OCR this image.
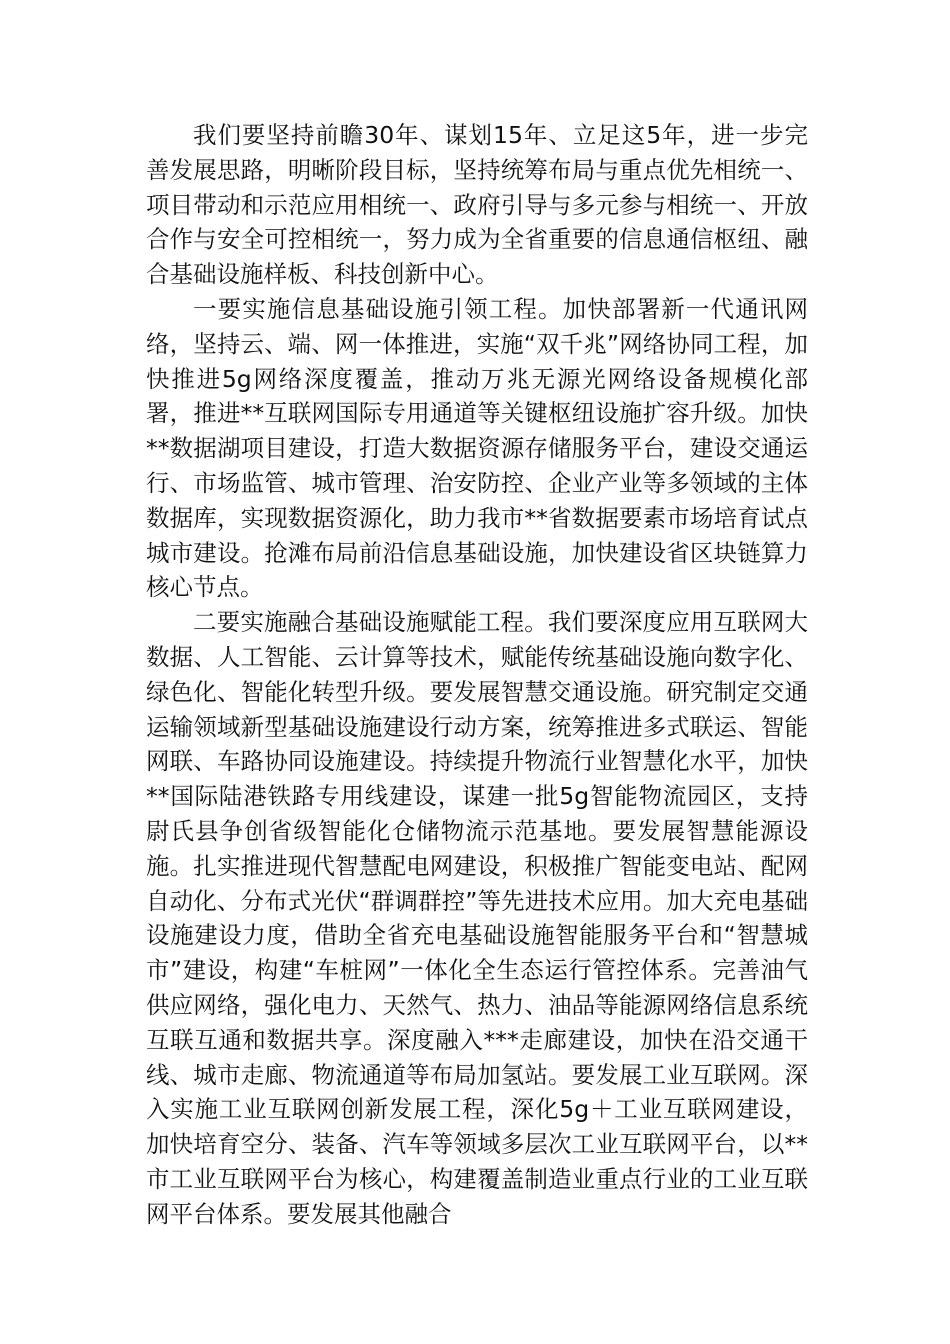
我们要坚持前瞻30年、谋划15年、立足这5年，进一步完善发展思路，明晰阶段目标，坚持统筹布局与重点优先相统一、项目带动和示范应用相统一、政府引导与多元参与相统一、开放合作与安全可控相统一，努力成为全省重要的信息通信枢纽、融合基础设施样板、科技创新中心。

一要实施信息基础设施引领工程。加快部署新一代通讯网络，坚持云、端、网一体推进，实施“双千兆”网络协同工程，加快推进5g网络深度覆盖，推动万兆无源光网络设备规模化部署，推进**互联网国际专用通道等关键枢纽设施扩容升级。加快**数据湖项目建设，打造大数据资源存储服务平台，建设交通运行、市场监管、城市管理、治安防控、企业产业等多领域的主体数据库，实现数据资源化，助力我市**省数据要素市场培育试点城市建设。抢滩布局前沿信息基础设施，加快建设省区块链算力核心节点。

二要实施融合基础设施赋能工程。我们要深度应用互联网大数据、人工智能、云计算等技术，赋能传统基础设施向数字化、绿色化、智能化转型升级。要发展智慧交通设施。研究制定交通运输领域新型基础设施建设行动方案，统筹推进多式联运、智能网联、车路协同设施建设。持续提升物流行业智慧化水平，加快**国际陆港铁路专用线建设，谋建一批5g智能物流园区，支持尉氏县争创省级智能化仓储物流示范基地。要发展智慧能源设施。扎实推进现代智慧配电网建设，积极推广智能变电站、配网自动化、分布式光伏“群调群控”等先进技术应用。加大充电基础设施建设力度，借助全省充电基础设施智能服务平台和“智慧城市”建设，构建“车桩网”一体化全生态运行管控体系。完善油气供应网络，强化电力、天然气、热力、油品等能源网络信息系统互联互通和数据共享。深度融入***走廊建设，加快在沿交通干线、城市走廊、物流通道等布局加氢站。要发展工业互联网。深入实施工业互联网创新发展工程，深化5g＋工业互联网建设，加快培育空分、装备、汽车等领域多层次工业互联网平台，以**市工业互联网平台为核心，构建覆盖制造业重点行业的工业互联网平台体系。要发展其他融合
